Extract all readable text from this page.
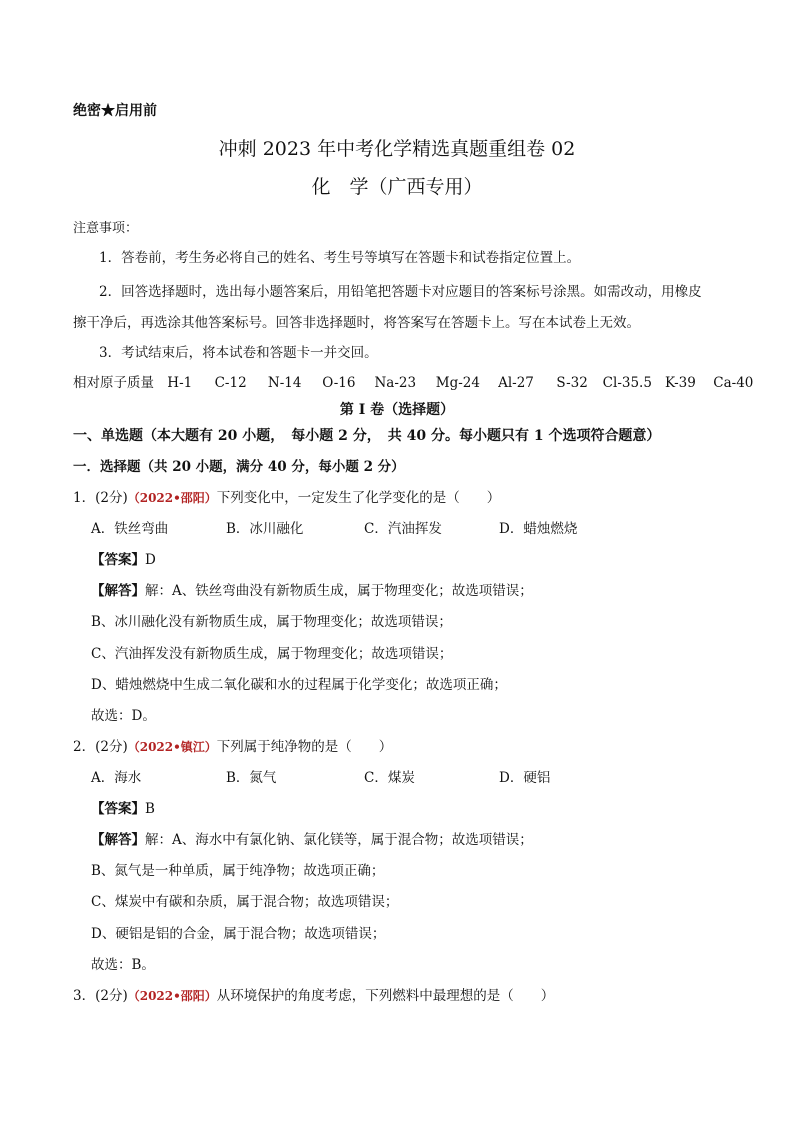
绝密★启用前
冲刺 2023 年中考化学精选真题重组卷 02
化　学（广西专用）
注意事项：
1．答卷前，考生务必将自己的姓名、考生号等填写在答题卡和试卷指定位置上。
2．回答选择题时，选出每小题答案后，用铅笔把答题卡对应题目的答案标号涂黑。如需改动，用橡皮
擦干净后，再选涂其他答案标号。回答非选择题时，将答案写在答题卡上。写在本试卷上无效。
3．考试结束后，将本试卷和答题卡一并交回。
相对原子质量 H-1 C-12 N-14 O-16 Na-23 Mg-24 Al-27 S-32 Cl-35.5 K-39 Ca-40
第 I 卷（选择题）
一、单选题（本大题有 20 小题，　每小题 2 分，　共 40 分。每小题只有 1 个选项符合题意）
一．选择题（共 20 小题，满分 40 分，每小题 2 分）
1．(2分)（2022•邵阳）下列变化中，一定发生了化学变化的是（　　）
A．铁丝弯曲	B．冰川融化	C．汽油挥发	D．蜡烛燃烧
【答案】D
【解答】解：A、铁丝弯曲没有新物质生成，属于物理变化；故选项错误；
B、冰川融化没有新物质生成，属于物理变化；故选项错误；
C、汽油挥发没有新物质生成，属于物理变化；故选项错误；
D、蜡烛燃烧中生成二氧化碳和水的过程属于化学变化；故选项正确；
故选：D。
2．(2分)（2022•镇江）下列属于纯净物的是（　　）
A．海水	B．氮气	C．煤炭	D．硬铝
【答案】B
【解答】解：A、海水中有氯化钠、氯化镁等，属于混合物；故选项错误；
B、氮气是一种单质，属于纯净物；故选项正确；
C、煤炭中有碳和杂质，属于混合物；故选项错误；
D、硬铝是铝的合金，属于混合物；故选项错误；
故选：B。
3．(2分)（2022•邵阳）从环境保护的角度考虑，下列燃料中最理想的是（　　）
